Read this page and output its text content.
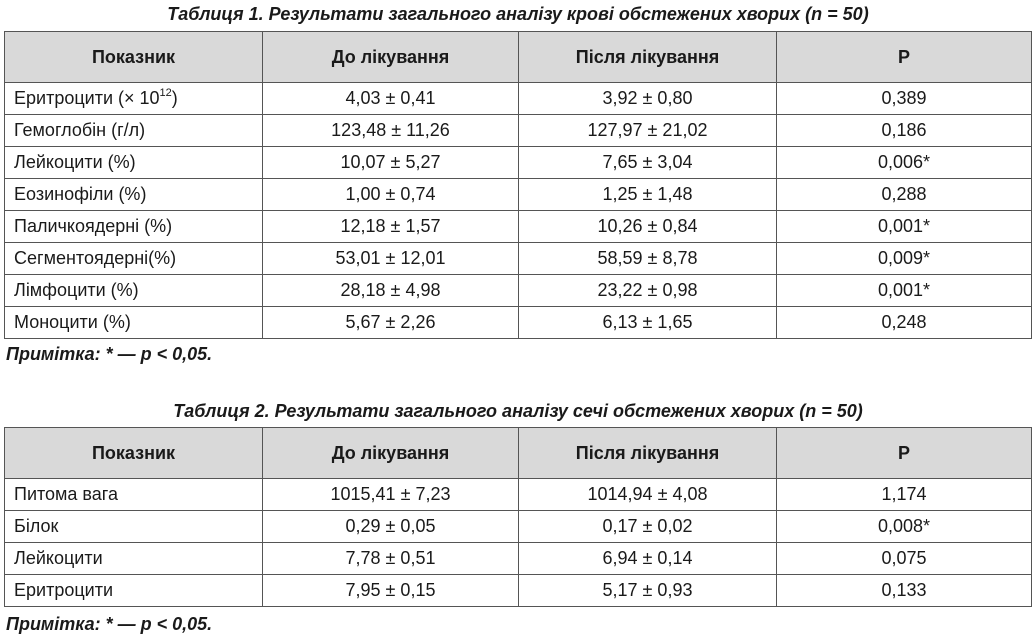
Таблиця 1. Результати загального аналізу крові обстежених хворих (n = 50)
Показник	До лікування	Після лікування	P
Еритроцити (× $10^{12}$)	4,03 ± 0,41	3,92 ± 0,80	0,389
Гемоглобін (г/л)	123,48 ± 11,26	127,97 ± 21,02	0,186
Лейкоцити (%)	10,07 ± 5,27	7,65 ± 3,04	0,006*
Еозинофіли (%)	1,00 ± 0,74	1,25 ± 1,48	0,288
Паличкоядерні (%)	12,18 ± 1,57	10,26 ± 0,84	0,001*
Сегментоядерні(%)	53,01 ± 12,01	58,59 ± 8,78	0,009*
Лімфоцити (%)	28,18 ± 4,98	23,22 ± 0,98	0,001*
Моноцити (%)	5,67 ± 2,26	6,13 ± 1,65	0,248
Примітка: * — p < 0,05.
Таблиця 2. Результати загального аналізу сечі обстежених хворих (n = 50)
Показник	До лікування	Після лікування	P
Питома вага	1015,41 ± 7,23	1014,94 ± 4,08	1,174
Білок	0,29 ± 0,05	0,17 ± 0,02	0,008*
Лейкоцити	7,78 ± 0,51	6,94 ± 0,14	0,075
Еритроцити	7,95 ± 0,15	5,17 ± 0,93	0,133
Примітка: * — p < 0,05.
